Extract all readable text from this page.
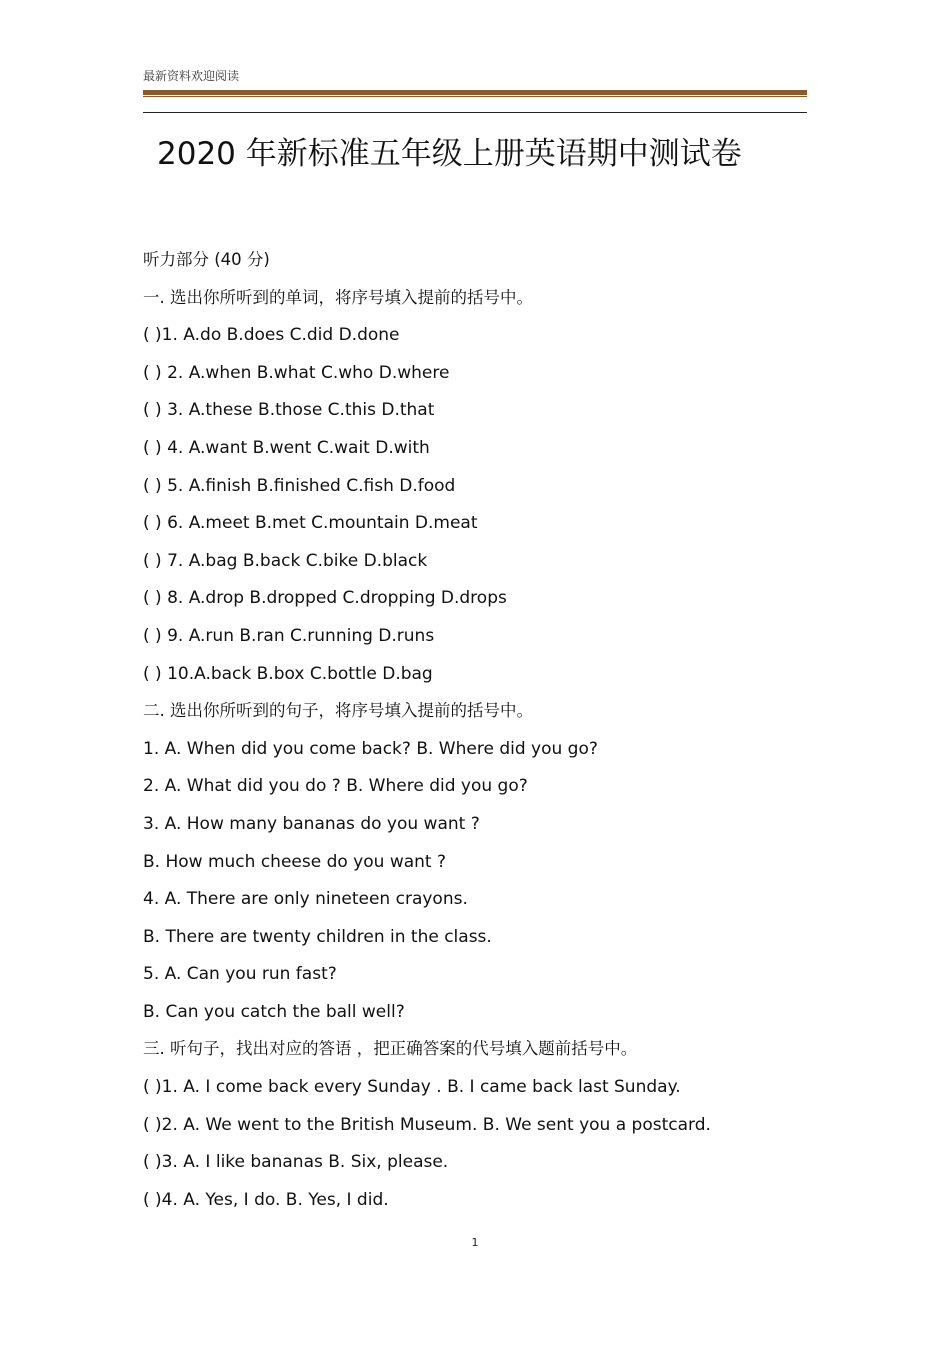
最新资料欢迎阅读
2020 年新标准五年级上册英语期中测试卷
听力部分 (40 分)
一. 选出你所听到的单词，将序号填入提前的括号中。
( )1. A.do B.does C.did D.done
( ) 2. A.when B.what C.who D.where
( ) 3. A.these B.those C.this D.that
( ) 4. A.want B.went C.wait D.with
( ) 5. A.finish B.finished C.fish D.food
( ) 6. A.meet B.met C.mountain D.meat
( ) 7. A.bag B.back C.bike D.black
( ) 8. A.drop B.dropped C.dropping D.drops
( ) 9. A.run B.ran C.running D.runs
( ) 10.A.back B.box C.bottle D.bag
二. 选出你所听到的句子，将序号填入提前的括号中。
1. A. When did you come back? B. Where did you go?
2. A. What did you do ? B. Where did you go?
3. A. How many bananas do you want ?
B. How much cheese do you want ?
4. A. There are only nineteen crayons.
B. There are twenty children in the class.
5. A. Can you run fast?
B. Can you catch the ball well?
三. 听句子，找出对应的答语 ，把正确答案的代号填入题前括号中。
( )1. A. I come back every Sunday . B. I came back last Sunday.
( )2. A. We went to the British Museum. B. We sent you a postcard.
( )3. A. I like bananas B. Six, please.
( )4. A. Yes, I do. B. Yes, I did.
1
